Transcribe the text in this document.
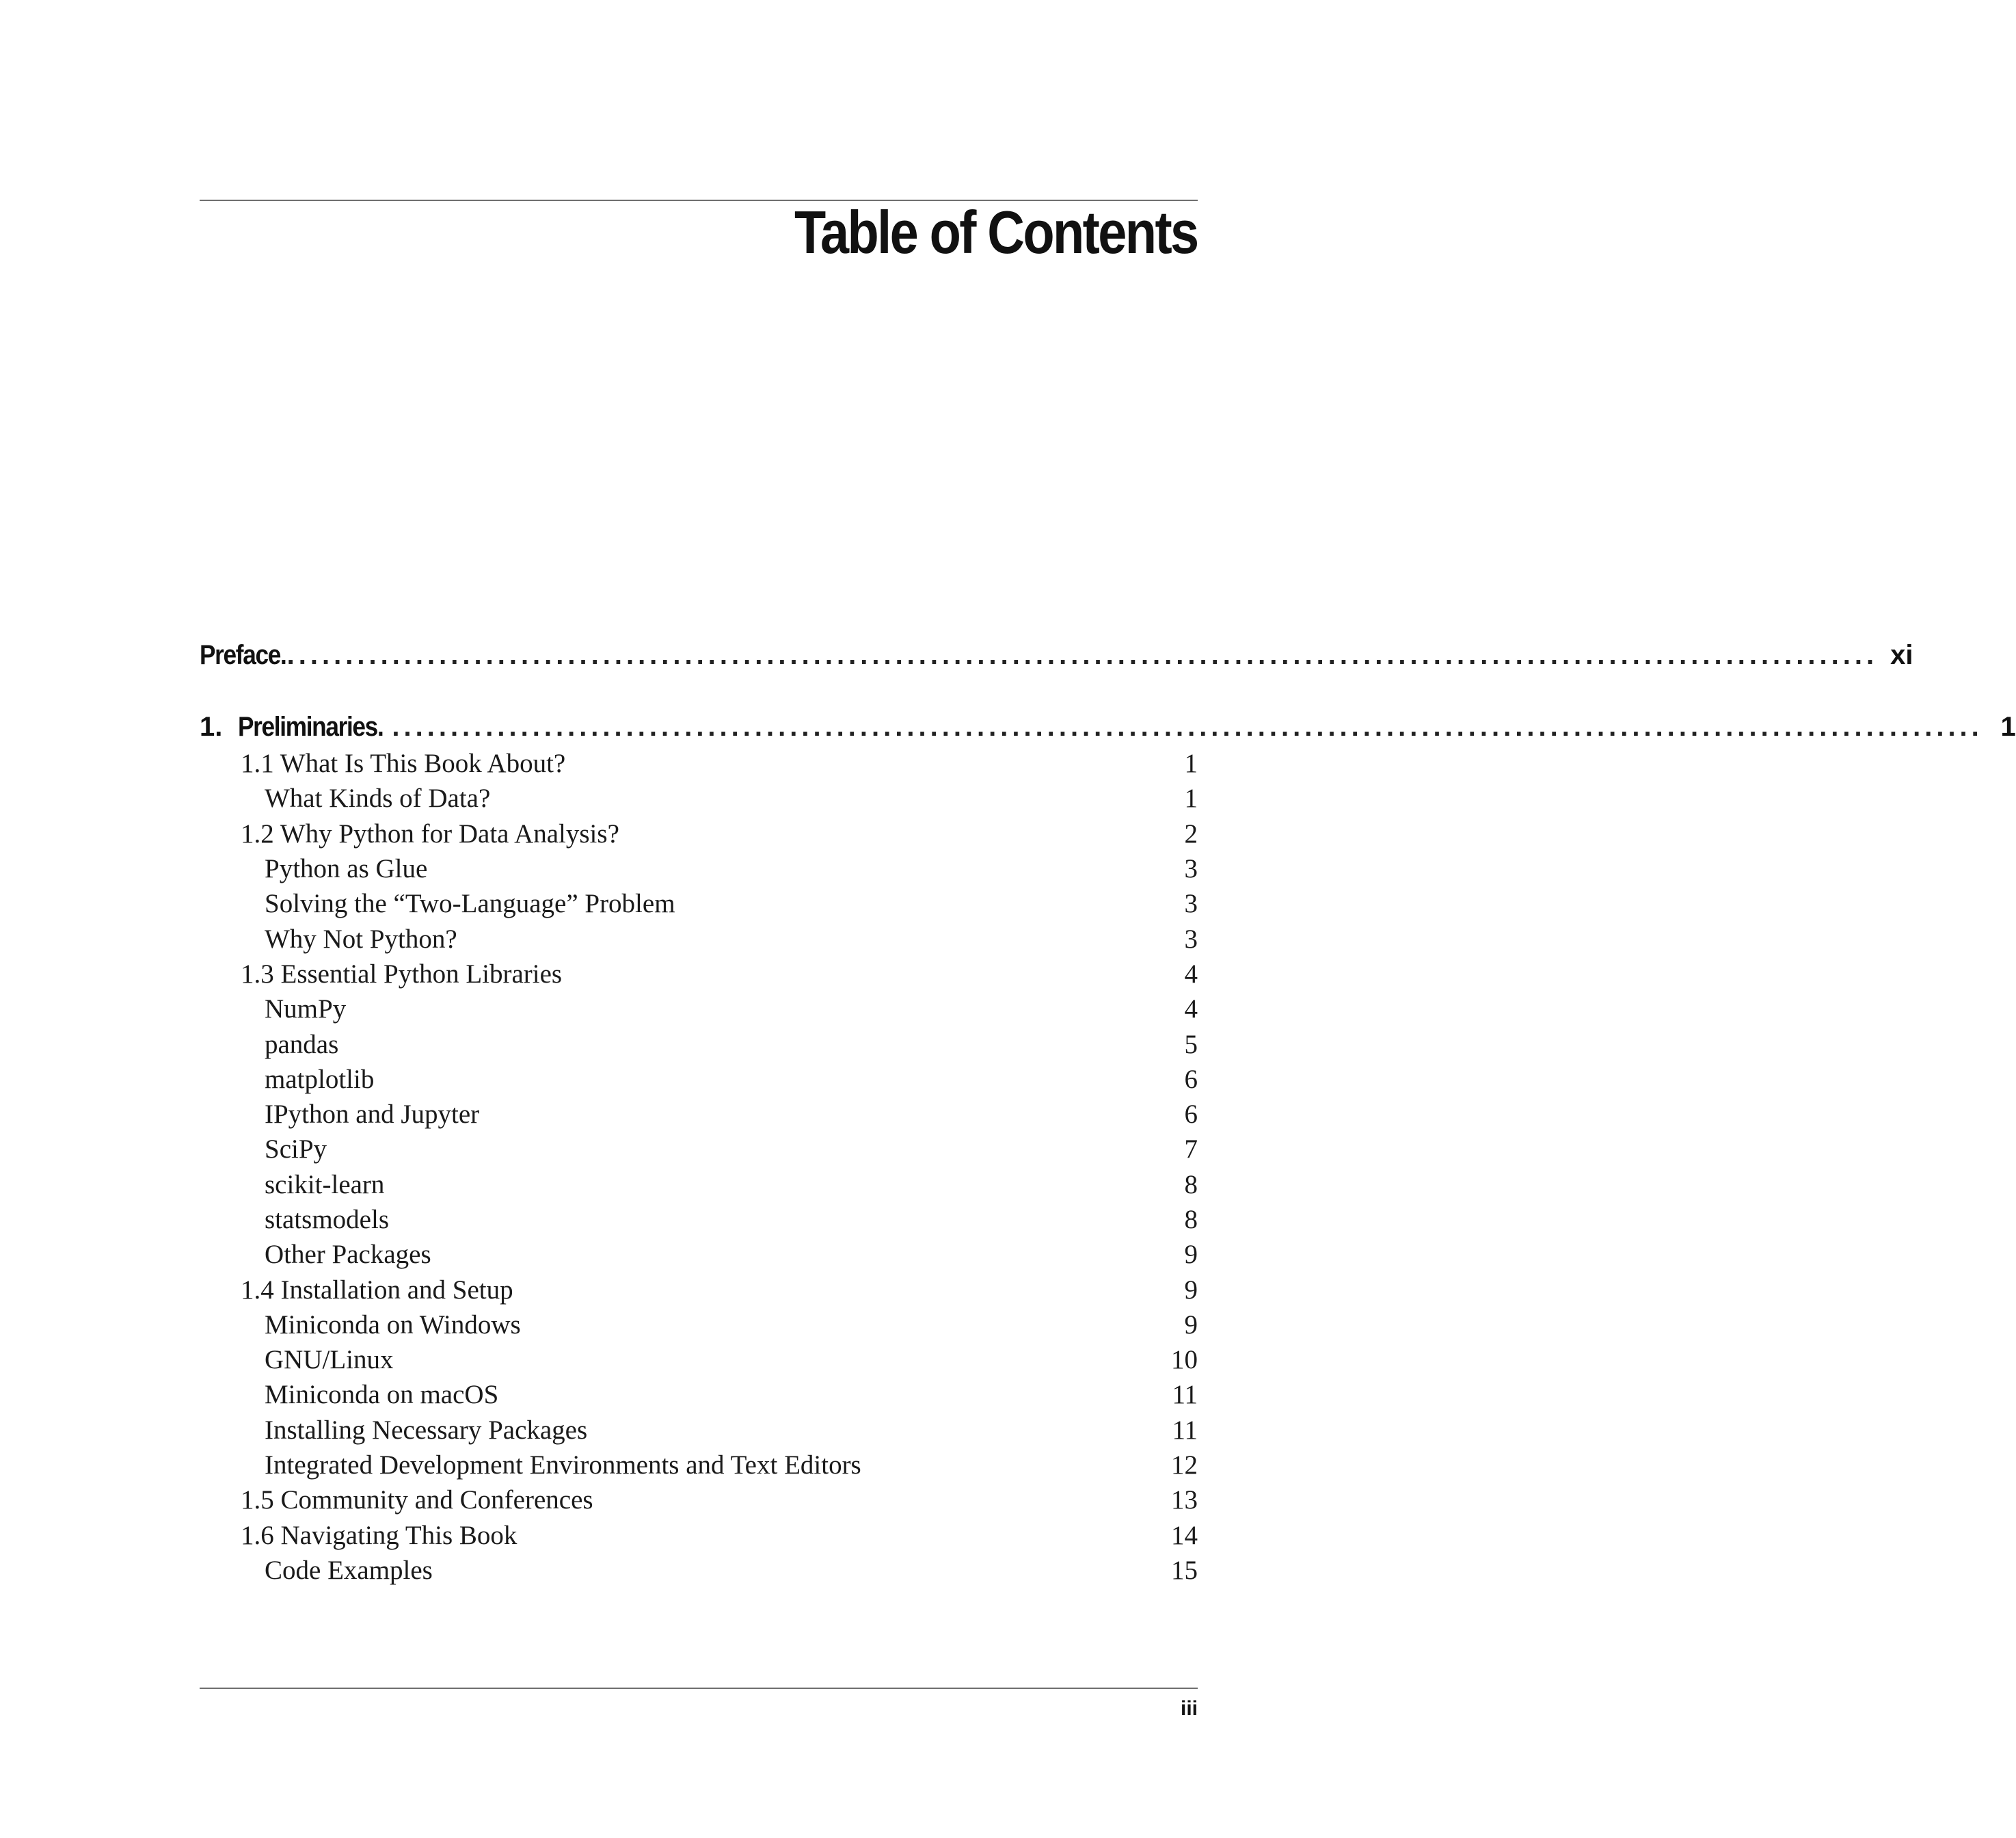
Table of Contents
Preface. ........................................................................................................................................ xi
1. Preliminaries. ........................................................................................................................................ 1
1.1 What Is This Book About?	1
What Kinds of Data?	1
1.2 Why Python for Data Analysis?	2
Python as Glue	3
Solving the “Two-Language” Problem	3
Why Not Python?	3
1.3 Essential Python Libraries	4
NumPy	4
pandas	5
matplotlib	6
IPython and Jupyter	6
SciPy	7
scikit-learn	8
statsmodels	8
Other Packages	9
1.4 Installation and Setup	9
Miniconda on Windows	9
GNU/Linux	10
Miniconda on macOS	11
Installing Necessary Packages	11
Integrated Development Environments and Text Editors	12
1.5 Community and Conferences	13
1.6 Navigating This Book	14
Code Examples	15
iii
